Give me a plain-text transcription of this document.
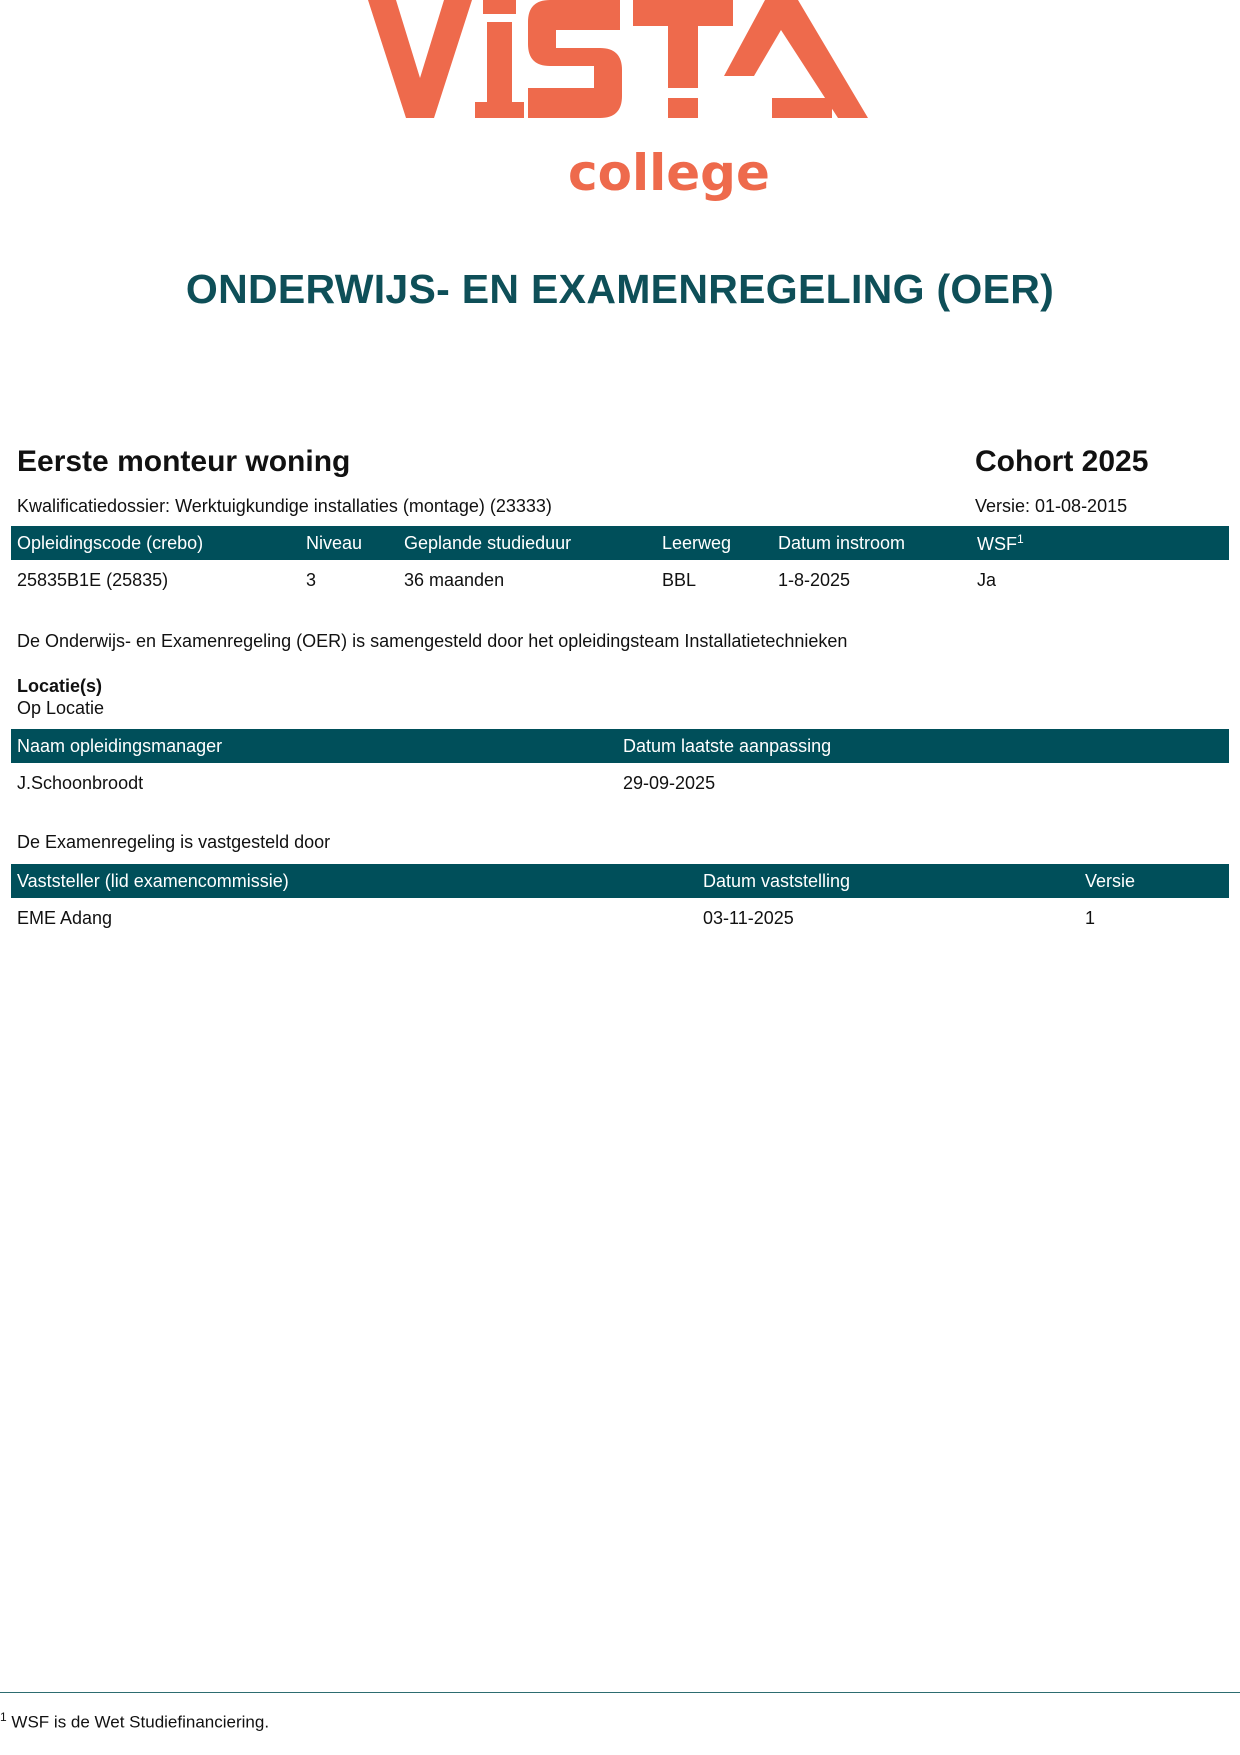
college
ONDERWIJS- EN EXAMENREGELING (OER)
Eerste monteur woning	Cohort 2025
Kwalificatiedossier: Werktuigkundige installaties (montage) (23333)	Versie: 01-08-2015
Opleidingscode (crebo)	Niveau	Geplande studieduur	Leerweg	Datum instroom	WSF$^1$
25835B1E (25835)	3	36 maanden	BBL	1-8-2025	Ja
De Onderwijs- en Examenregeling (OER) is samengesteld door het opleidingsteam Installatietechnieken
Locatie(s)
Op Locatie
Naam opleidingsmanager	Datum laatste aanpassing
J.Schoonbroodt	29-09-2025
De Examenregeling is vastgesteld door
Vaststeller (lid examencommissie)	Datum vaststelling	Versie
EME Adang	03-11-2025	1
$^1$ WSF is de Wet Studiefinanciering.
